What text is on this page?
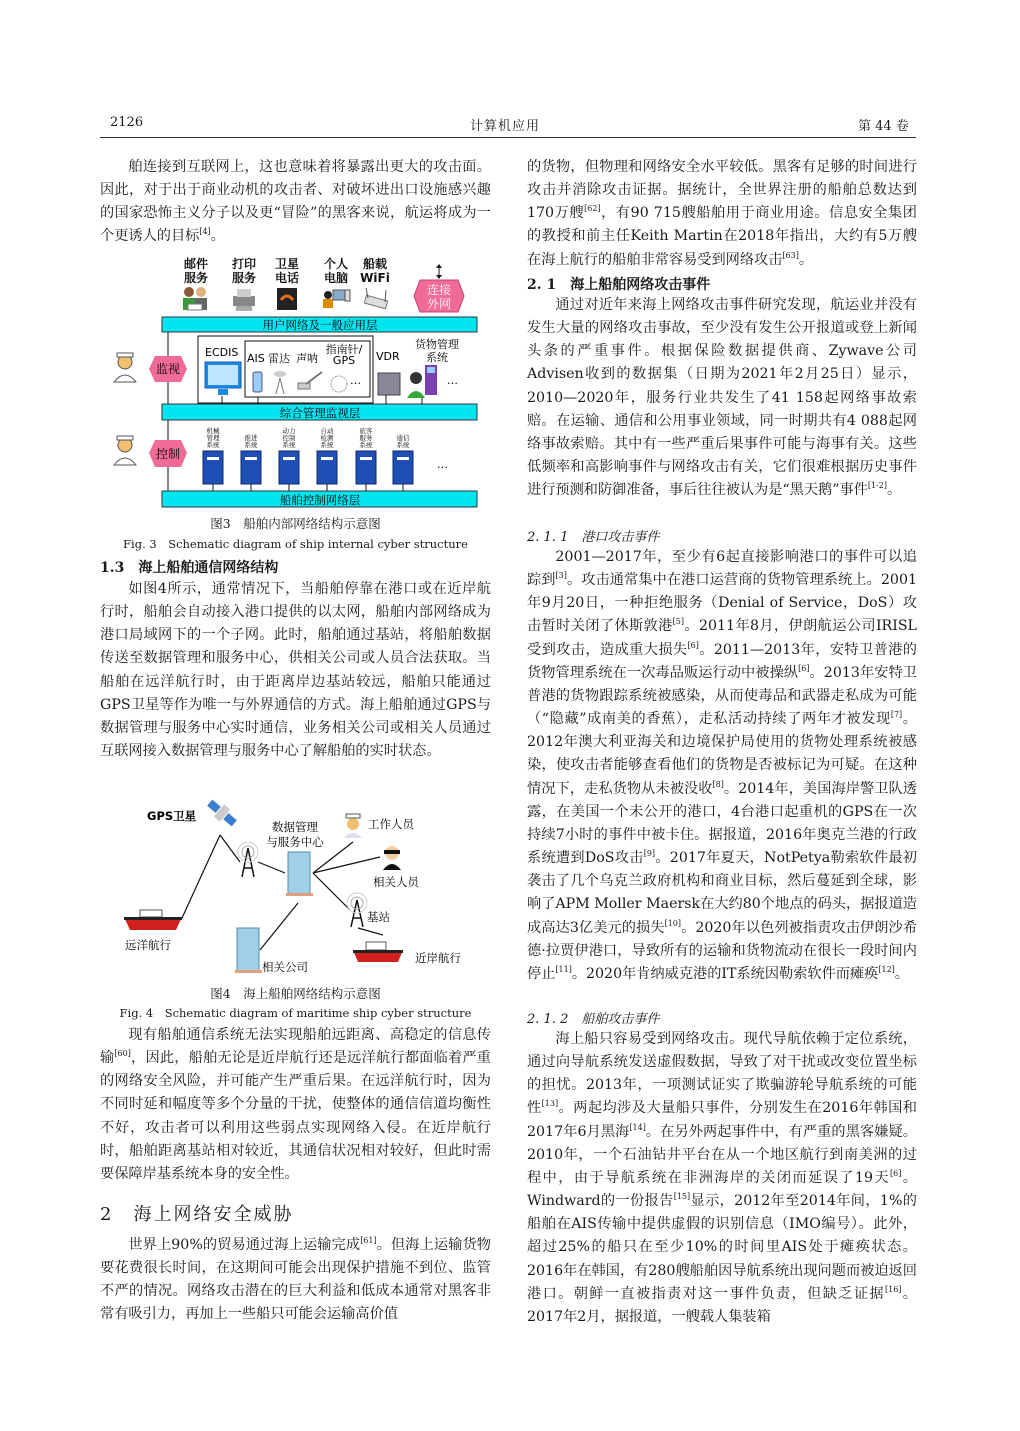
2126	计算机应用	第 44 卷
舶连接到互联网上，这也意味着将暴露出更大的攻击面。因此，对于出于商业动机的攻击者、对破坏进出口设施感兴趣的国家恐怖主义分子以及更“冒险”的黑客来说，航运将成为一个更诱人的目标[4]。
邮件
服务
打印
服务
卫星
电话
个人
电脑
船载
WiFi
连接
外网
用户网络及一般应用层
综合管理监视层
船舶控制网络层
监视
控制
ECDIS AIS 雷达 声呐
指南针/
GPS
…
VDR
货物管理
系统
…
机械
管理
系统
推进
系统
动力
控制
系统
自动
检测
系统
旅客
服务
系统
通信
系统
…
图3　船舶内部网络结构示意图
Fig. 3　Schematic diagram of ship internal cyber structure
1.3　海上船舶通信网络结构
如图4所示，通常情况下，当船舶停靠在港口或在近岸航行时，船舶会自动接入港口提供的以太网，船舶内部网络成为港口局域网下的一个子网。此时，船舶通过基站，将船舶数据传送至数据管理和服务中心，供相关公司或人员合法获取。当船舶在远洋航行时，由于距离岸边基站较远，船舶只能通过GPS卫星等作为唯一与外界通信的方式。海上船舶通过GPS与数据管理与服务中心实时通信，业务相关公司或相关人员通过互联网接入数据管理与服务中心了解船舶的实时状态。
GPS卫星
数据管理
与服务中心
工作人员
相关人员
基站
远洋航行
近岸航行
相关公司
图4　海上船舶网络结构示意图
Fig. 4　Schematic diagram of maritime ship cyber structure
现有船舶通信系统无法实现船舶远距离、高稳定的信息传输[60]，因此，船舶无论是近岸航行还是远洋航行都面临着严重的网络安全风险，并可能产生严重后果。在远洋航行时，因为不同时延和幅度等多个分量的干扰，使整体的通信信道均衡性不好，攻击者可以利用这些弱点实现网络入侵。在近岸航行时，船舶距离基站相对较近，其通信状况相对较好，但此时需要保障岸基系统本身的安全性。
2　海上网络安全威胁
世界上90%的贸易通过海上运输完成[61]。但海上运输货物要花费很长时间，在这期间可能会出现保护措施不到位、监管不严的情况。网络攻击潜在的巨大利益和低成本通常对黑客非常有吸引力，再加上一些船只可能会运输高价值
的货物，但物理和网络安全水平较低。黑客有足够的时间进行攻击并消除攻击证据。据统计，全世界注册的船舶总数达到170万艘[62]，有90 715艘船舶用于商业用途。信息安全集团的教授和前主任Keith Martin在2018年指出，大约有5万艘在海上航行的船舶非常容易受到网络攻击[63]。
2. 1　海上船舶网络攻击事件
通过对近年来海上网络攻击事件研究发现，航运业并没有发生大量的网络攻击事故，至少没有发生公开报道或登上新闻头条的严重事件。根据保险数据提供商、Zywave公司Advisen收到的数据集（日期为2021年2月25日）显示，2010—2020年，服务行业共发生了41 158起网络事故索赔。在运输、通信和公用事业领域，同一时期共有4 088起网络事故索赔。其中有一些严重后果事件可能与海事有关。这些低频率和高影响事件与网络攻击有关，它们很难根据历史事件进行预测和防御准备，事后往往被认为是“黑天鹅”事件[1-2]。
2. 1. 1　港口攻击事件
2001—2017年，至少有6起直接影响港口的事件可以追踪到[3]。攻击通常集中在港口运营商的货物管理系统上。2001年9月20日，一种拒绝服务（Denial of Service，DoS）攻击暂时关闭了休斯敦港[5]。2011年8月，伊朗航运公司IRISL受到攻击，造成重大损失[6]。2011—2013年，安特卫普港的货物管理系统在一次毒品贩运行动中被操纵[6]。2013年安特卫普港的货物跟踪系统被感染，从而使毒品和武器走私成为可能（“隐藏”成南美的香蕉），走私活动持续了两年才被发现[7]。2012年澳大利亚海关和边境保护局使用的货物处理系统被感染，使攻击者能够查看他们的货物是否被标记为可疑。在这种情况下，走私货物从未被没收[8]。2014年，美国海岸警卫队透露，在美国一个未公开的港口，4台港口起重机的GPS在一次持续7小时的事件中被卡住。据报道，2016年奥克兰港的行政系统遭到DoS攻击[9]。2017年夏天，NotPetya勒索软件最初袭击了几个乌克兰政府机构和商业目标，然后蔓延到全球，影响了APM Moller Maersk在大约80个地点的码头，据报道造成高达3亿美元的损失[10]。2020年以色列被指责攻击伊朗沙希德·拉贾伊港口，导致所有的运输和货物流动在很长一段时间内停止[11]。2020年肯纳威克港的IT系统因勒索软件而瘫痪[12]。
2. 1. 2　船舶攻击事件
海上船只容易受到网络攻击。现代导航依赖于定位系统，通过向导航系统发送虚假数据，导致了对干扰或改变位置坐标的担忧。2013年，一项测试证实了欺骗游轮导航系统的可能性[13]。两起均涉及大量船只事件，分别发生在2016年韩国和2017年6月黑海[14]。在另外两起事件中，有严重的黑客嫌疑。2010年，一个石油钻井平台在从一个地区航行到南美洲的过程中，由于导航系统在非洲海岸的关闭而延误了19天[6]。Windward的一份报告[15]显示，2012年至2014年间，1%的船舶在AIS传输中提供虚假的识别信息（IMO编号）。此外，超过25%的船只在至少10%的时间里AIS处于瘫痪状态。2016年在韩国，有280艘船舶因导航系统出现问题而被迫返回港口。朝鲜一直被指责对这一事件负责，但缺乏证据[16]。2017年2月，据报道，一艘载人集装箱
